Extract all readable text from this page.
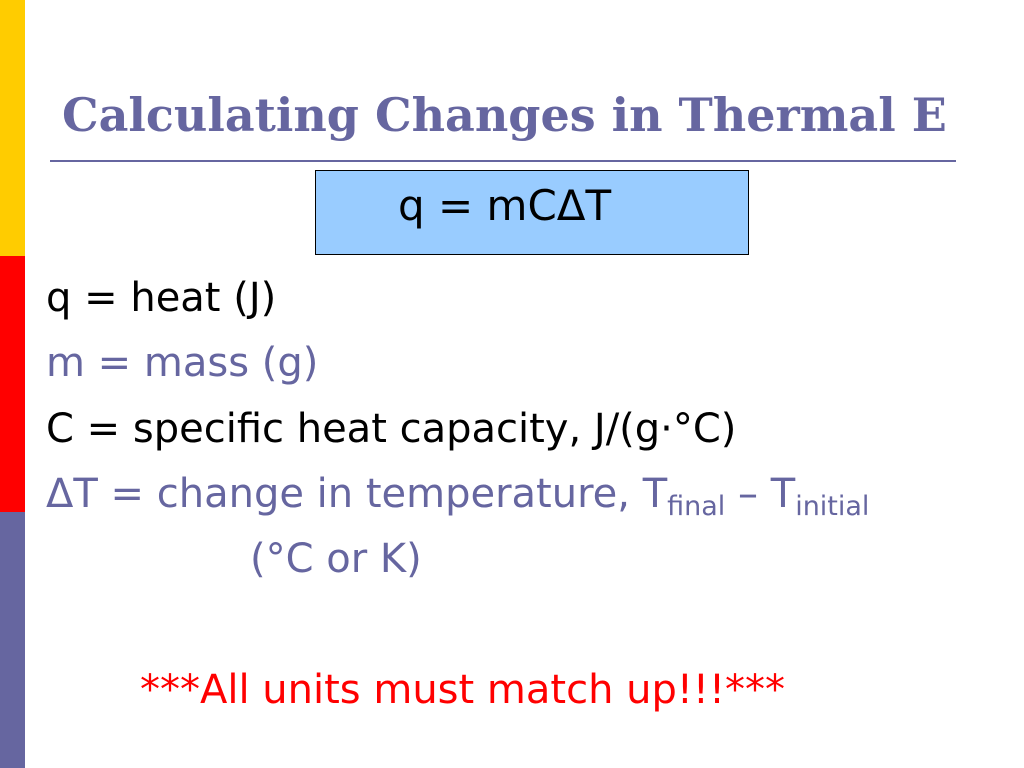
Calculating Changes in Thermal E
q = mCΔT
q = heat (J)
m = mass (g)
C = specific heat capacity, J/(g·°C)
ΔT = change in temperature, $T_{final} - T_{initial}$
(°C or K)
***All units must match up!!!***
